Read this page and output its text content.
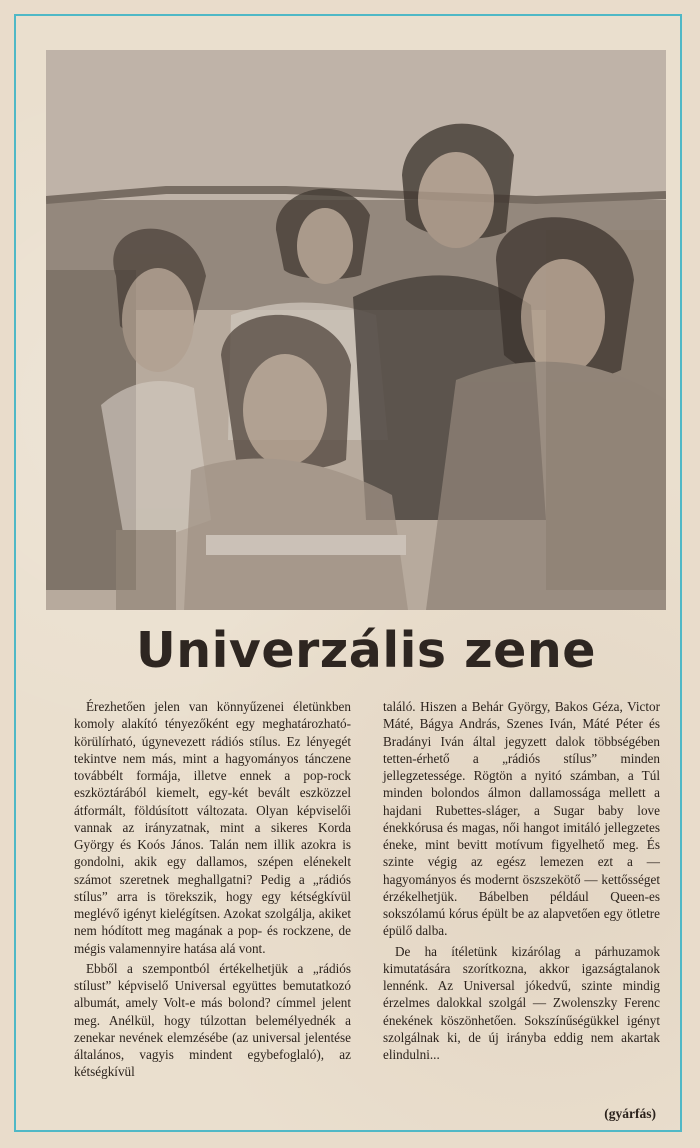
Univerzális zene

Érezhetően jelen van könnyűzenei életünkben komoly alakító tényezőként egy meghatározható-körülírható, úgynevezett rádiós stílus. Ez lényegét tekintve nem más, mint a hagyományos tánczene továbbélt formája, illetve ennek a pop-rock eszköztárából kiemelt, egy-két bevált eszközzel átformált, földúsított változata. Olyan képviselői vannak az irányzatnak, mint a sikeres Korda György és Koós János. Talán nem illik azokra is gondolni, akik egy dallamos, szépen elénekelt számot szeretnek meghallgatni? Pedig a „rádiós stílus” arra is törekszik, hogy egy kétségkívül meglévő igényt kielégítsen. Azokat szolgálja, akiket nem hódított meg magának a pop- és rockzene, de mégis valamennyire hatása alá vont.

Ebből a szempontból értékelhetjük a „rádiós stílust” képviselő Universal együttes bemutatkozó albumát, amely Volt-e más bolond? címmel jelent meg. Anélkül, hogy túlzottan belemélyednék a zenekar nevének elemzésébe (az universal jelentése általános, vagyis mindent egybefoglaló), az kétségkívül

találó. Hiszen a Behár György, Bakos Géza, Victor Máté, Bágya András, Szenes Iván, Máté Péter és Bradányi Iván által jegyzett dalok többségében tetten-érhető a „rádiós stílus” minden jellegzetessége. Rögtön a nyitó számban, a Túl minden bolondos álmon dallamossága mellett a hajdani Rubettes-sláger, a Sugar baby love énekkórusa és magas, női hangot imitáló jellegzetes éneke, mint bevitt motívum figyelhető meg. És szinte végig az egész lemezen ezt a — hagyományos és modernt öszszekötő — kettősséget érzékelhetjük. Bábelben például Queen-es sokszólamú kórus épült be az alapvetően egy ötletre épülő dalba.

De ha ítéletünk kizárólag a párhuzamok kimutatására szorítkozna, akkor igazságtalanok lennénk. Az Universal jókedvű, szinte mindig érzelmes dalokkal szolgál — Zwolenszky Ferenc énekének köszönhetően. Sokszínűségükkel igényt szolgálnak ki, de új irányba eddig nem akartak elindulni...

(gyárfás)
